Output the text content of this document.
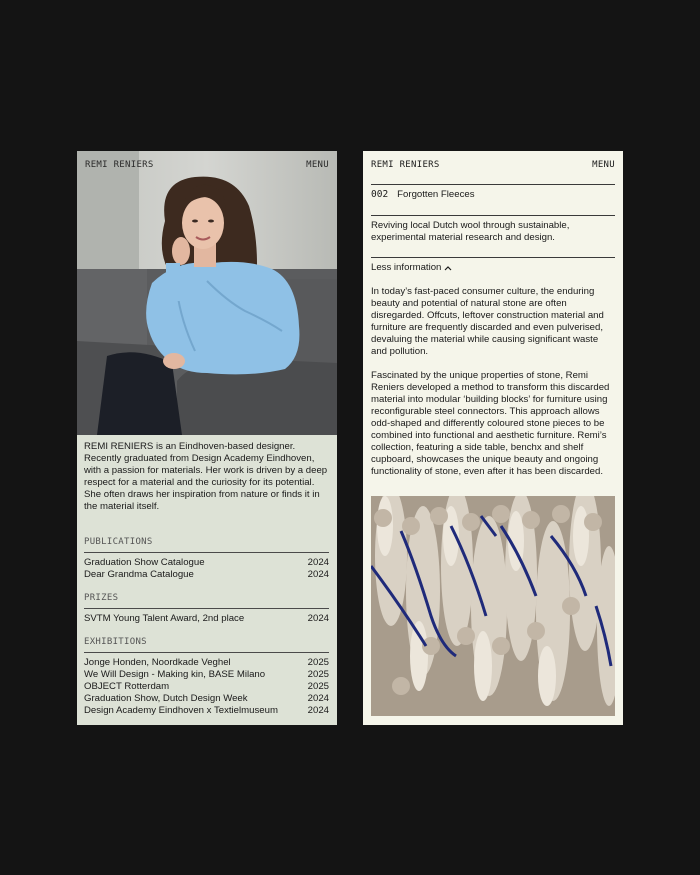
REMI RENIERS	MENU
REMI RENIERS is an Eindhoven-based designer. Recently graduated from Design Academy Eindhoven, with a passion for materials. Her work is driven by a deep respect for a material and the curiosity for its potential. She often draws her inspiration from nature or finds it in the material itself.
PUBLICATIONS
Graduation Show Catalogue	2024
Dear Grandma Catalogue	2024
PRIZES
SVTM Young Talent Award, 2nd place	2024
EXHIBITIONS
Jonge Honden, Noordkade Veghel	2025
We Will Design - Making kin, BASE Milano	2025
OBJECT Rotterdam	2025
Graduation Show, Dutch Design Week	2024
Design Academy Eindhoven x Textielmuseum	2024
REMI RENIERS	MENU
002 Forgotten Fleeces
Reviving local Dutch wool through sustainable, experimental material research and design.
Less information
In today’s fast-paced consumer culture, the enduring beauty and potential of natural stone are often disregarded. Offcuts, leftover construction material and furniture are frequently discarded and even pulverised, devaluing the material while causing significant waste and pollution.
Fascinated by the unique properties of stone, Remi Reniers developed a method to transform this discarded material into modular ‘building blocks’ for furniture using reconfigurable steel connectors. This approach allows odd-shaped and differently coloured stone pieces to be combined into functional and aesthetic furniture. Remi’s collection, featuring a side table, benchx and shelf cupboard, showcases the unique beauty and ongoing functionality of stone, even after it has been discarded.
